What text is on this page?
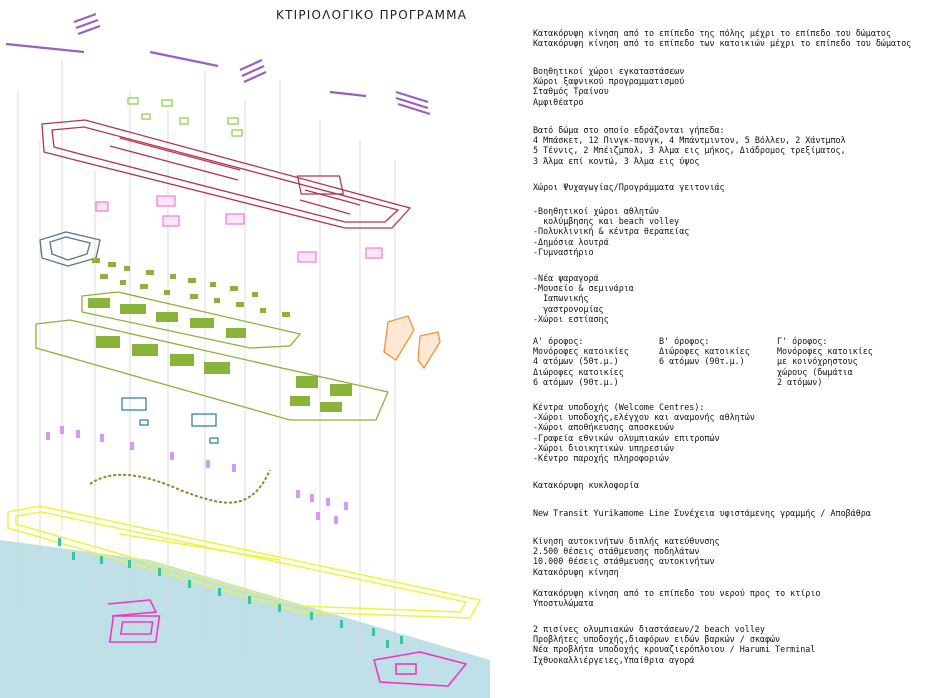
ΚΤΙΡΙΟΛΟΓΙΚΟ ΠΡΟΓΡΑΜΜΑ
Κατακόρυφη κίνηση από το επίπεδο της πόλης μέχρι το επίπεδο του δώματος
Κατακόρυφη κίνηση από το επίπεδο των κατοικιών μέχρι το επίπεδο του δώματος
Βοηθητικοί χώροι εγκαταστάσεων
Χώροι ξαφνικού προγραμματισμού
Σταθμός Τραίνου
Αμφιθέατρο
Βατό δώμα στο οποίο εδράζονται γήπεδα:
4 Μπάσκετ, 12 Πινγκ-πονγκ, 4 Μπάντμιντον, 5 Βόλλευ, 2 Χάντμπολ
5 Τέννις, 2 Μπέιζμπολ, 3 Άλμα εις μήκος, Διάδρομος τρεξίματος,
3 Άλμα επί κοντώ, 3 Άλμα εις ύψος
Χώροι Ψυχαγωγίας/Προγράμματα γειτονιάς
-Βοηθητικοί χώροι αθλητών
κολύμβησης και beach volley
-Πολυκλινική & κέντρα θεραπείας
-Δημόσια λουτρά
-Γυμναστήριο
-Νέα ψαραγορά
-Μουσείο & σεμινάρια
Ιαπωνικής
γαστρονομίας
-Χώροι εστίασης
Α' όροφος:
Μονόροφες κατοικίες
4 ατόμων (50τ.μ.)
Διώροφες κατοικίες
6 ατόμων (90τ.μ.)
Β' όροφος:
Διώροφες κατοικίες
6 ατόμων (90τ.μ.)
Γ' όροφος:
Μονόροφες κατοικίες
με κοινόχρηστους
χώρους (δωμάτια
2 ατόμων)
Κέντρα υποδοχής (Welcome Centres):
-Χώροι υποδοχής,ελέγχου και αναμονής αθλητών
-Χώροι αποθήκευσης αποσκευών
-Γραφεία εθνικών ολυμπιακών επιτροπών
-Χώροι διοικητικών υπηρεσιών
-Κέντρο παροχής πληροφοριών
Κατακόρυφη κυκλοφορία
New Transit Yurikamome Line Συνέχεια υφιστάμενης γραμμής / Αποβάθρα
Κίνηση αυτοκινήτων διπλής κατεύθυνσης
2.500 θέσεις στάθμευσης ποδηλάτων
10.000 θέσεις στάθμευσης αυτοκινήτων
Κατακόρυφη κίνηση
Κατακόρυφη κίνηση από το επίπεδο του νερού προς το κτίριο
Υποστυλώματα
2 πισίνες ολυμπιακών διαστάσεων/2 beach volley
Προβλήτες υποδοχής,διαφόρων ειδών βαρκών / σκαφών
Νέα προβλήτα υποδοχής κρουαζιερόπλοιου / Harumi Terminal
Ιχθυοκαλλιέργειες,Υπαίθρια αγορά
